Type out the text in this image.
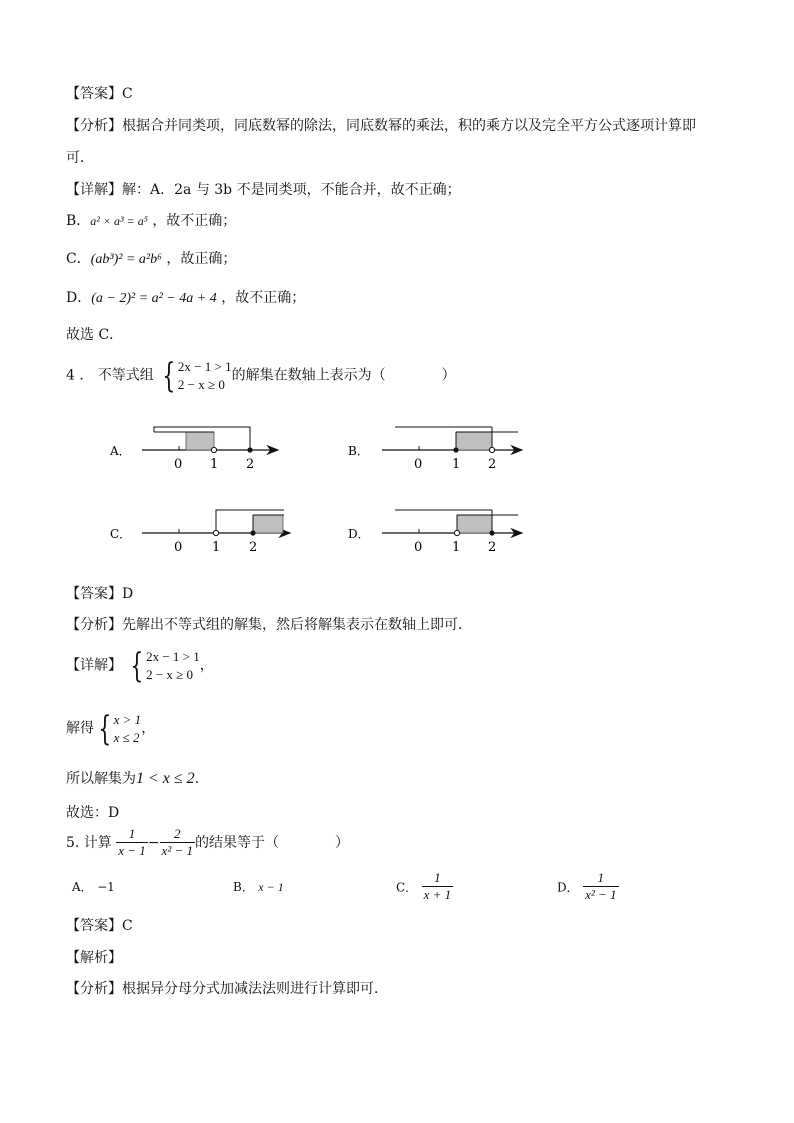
【答案】C
【分析】根据合并同类项，同底数幂的除法，同底数幂的乘法，积的乘方以及完全平方公式逐项计算即
可．
【详解】解：A．2a 与 3b 不是同类项，不能合并，故不正确；
B．a² × a³ = a⁵ ，故不正确；
C．(ab³)² = a²b⁶ ，故正确；
D．(a − 2)² = a² − 4a + 4 ，故不正确；
故选 C．
4 ． 不等式组 { 2x − 1 > 1
2 − x ≥ 0
的解集在数轴上表示为（	）
A．
0 1 2
B．
0 1 2
C．
0 1 2
D．
0 1 2
【答案】D
【分析】先解出不等式组的解集，然后将解集表示在数轴上即可．
【详解】 { 2x − 1 > 1
2 − x ≥ 0
，
解得 { x > 1
x ≤ 2
，
所以解集为1 < x ≤ 2．
故选：D
5. 计算 $\frac{1}{x - 1} - \frac{2}{\text{x² − 1}}$ 的结果等于（	）
A． −1	B． x − 1	C． $\frac{1}{x + 1}$	D． $\frac{1}{\text{x² − 1}}$
【答案】C
【解析】
【分析】根据异分母分式加减法法则进行计算即可．
